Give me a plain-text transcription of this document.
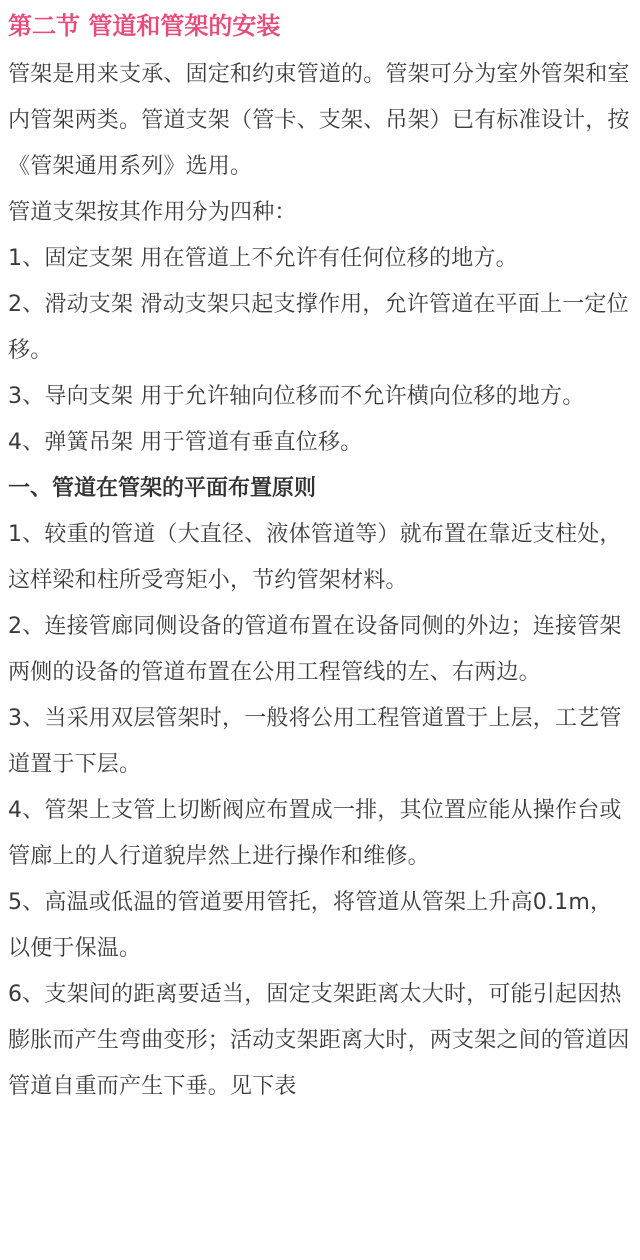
第二节 管道和管架的安装

管架是用来支承、固定和约束管道的。管架可分为室外管架和室内管架两类。管道支架（管卡、支架、吊架）已有标准设计，按《管架通用系列》选用。

管道支架按其作用分为四种：

1、固定支架 用在管道上不允许有任何位移的地方。

2、滑动支架 滑动支架只起支撑作用，允许管道在平面上一定位移。

3、导向支架 用于允许轴向位移而不允许横向位移的地方。

4、弹簧吊架 用于管道有垂直位移。

一、管道在管架的平面布置原则

1、较重的管道（大直径、液体管道等）就布置在靠近支柱处，这样梁和柱所受弯矩小，节约管架材料。

2、连接管廊同侧设备的管道布置在设备同侧的外边；连接管架两侧的设备的管道布置在公用工程管线的左、右两边。

3、当采用双层管架时，一般将公用工程管道置于上层，工艺管道置于下层。

4、管架上支管上切断阀应布置成一排，其位置应能从操作台或管廊上的人行道貌岸然上进行操作和维修。

5、高温或低温的管道要用管托，将管道从管架上升高0.1m，以便于保温。

6、支架间的距离要适当，固定支架距离太大时，可能引起因热膨胀而产生弯曲变形；活动支架距离大时，两支架之间的管道因管道自重而产生下垂。见下表
